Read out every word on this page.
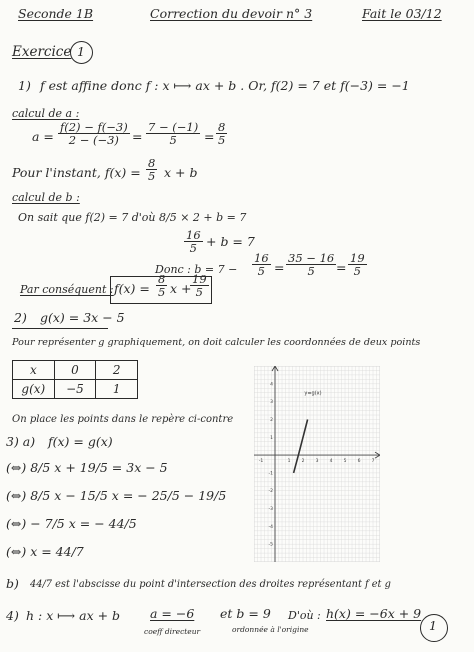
Seconde 1B	Correction du devoir n° 3	Fait le 03/12
Exercice 1
1) f est affine donc f : x ⟼ ax + b . Or, f(2) = 7 et f(−3) = −1
calcul de a :
$a = \frac{f(2) - f(-3)}{2 - (-3)} = \frac{7 - (-1)}{5} = \frac{8}{5}$
Pour l'instant, $f(x) = \frac{8}{5}$ x + b
calcul de b :
On sait que f(2) = 7 d'où 8/5 × 2 + b = 7
$\frac{16}{5} + b = 7$
Donc : $b = 7 - \frac{16}{5} = \frac{35 - 16}{5} = \frac{19}{5}$
Par conséquent : $f(x) = \frac{8}{5}$ x +
$\frac{19}{5}$
2) g(x) = 3x − 5
Pour représenter g graphiquement, on doit calculer les coordonnées de deux points
x	0	2
g(x)	−5	1
On place les points dans le repère ci-contre
-1	1 2 3 4 5 6 7
1
2
3
4
-1
-2
-3
-4
-5
y=g(x)
3) a) f(x) = g(x)
(⇔) 8/5 x + 19/5 = 3x − 5
(⇔) 8/5 x − 15/5 x = − 25/5 − 19/5
(⇔) − 7/5 x = − 44/5
(⇔) x = 44/7
b) 44/7 est l'abscisse du point d'intersection des droites représentant f et g
4) h : x ⟼ ax + b a = −6
coeff directeur
et b = 9
ordonnée à l'origine
D'où : h(x) = −6x + 9
1
